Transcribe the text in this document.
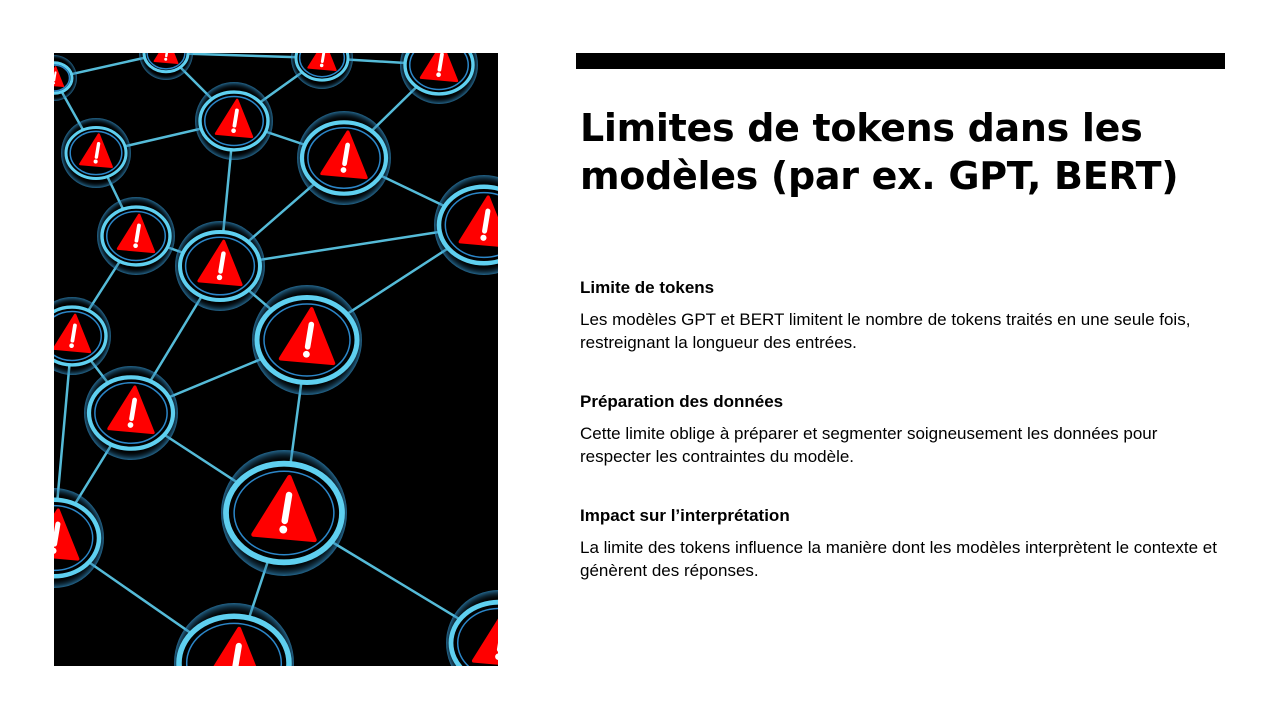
Limites de tokens dans les modèles (par ex. GPT, BERT)
Limite de tokens

Les modèles GPT et BERT limitent le nombre de tokens traités en une seule fois, restreignant la longueur des entrées.

Préparation des données

Cette limite oblige à préparer et segmenter soigneusement les données pour respecter les contraintes du modèle.

Impact sur l’interprétation

La limite des tokens influence la manière dont les modèles interprètent le contexte et génèrent des réponses.
